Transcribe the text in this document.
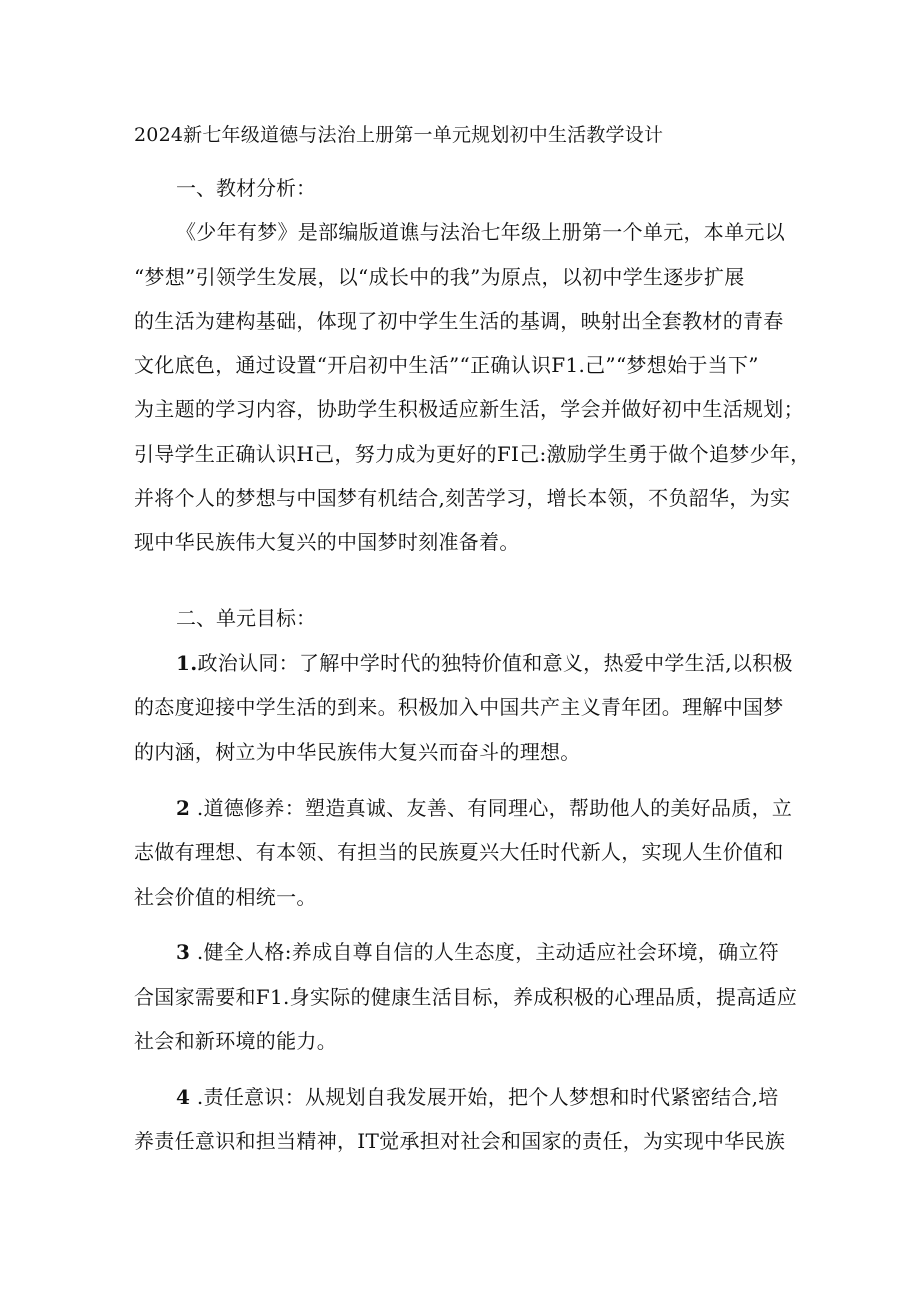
2024新七年级道德与法治上册第一单元规划初中生活教学设计
一、教材分析：
《少年有梦》是部编版道谯与法治七年级上册第一个单元，本单元以
“梦想”引领学生发展，以“成长中的我”为原点，以初中学生逐步扩展
的生活为建构基础，体现了初中学生生活的基调，映射出全套教材的青春
文化底色，通过设置“开启初中生活”“正确认识F1.己”“梦想始于当下”
为主题的学习内容，协助学生积极适应新生活，学会并做好初中生活规划；
引导学生正确认识H己，努力成为更好的FI己:激励学生勇于做个追梦少年，
并将个人的梦想与中国梦有机结合,刻苦学习，增长本领，不负韶华，为实
现中华民族伟大复兴的中国梦时刻准备着。
二、单元目标：
1.政治认同：了解中学时代的独特价值和意义，热爱中学生活,以积极
的态度迎接中学生活的到来。积极加入中国共产主义青年团。理解中国梦
的内涵，树立为中华民族伟大复兴而奋斗的理想。
2 .道德修养：塑造真诚、友善、有同理心，帮助他人的美好品质，立
志做有理想、有本领、有担当的民族夏兴大任时代新人，实现人生价值和
社会价值的相统一。
3 .健全人格:养成自尊自信的人生态度，主动适应社会环境，确立符
合国家需要和F1.身实际的健康生活目标，养成积极的心理品质，提高适应
社会和新环境的能力。
4 .责任意识：从规划自我发展开始，把个人梦想和时代紧密结合,培
养责任意识和担当精神，IT觉承担对社会和国家的责任，为实现中华民族
